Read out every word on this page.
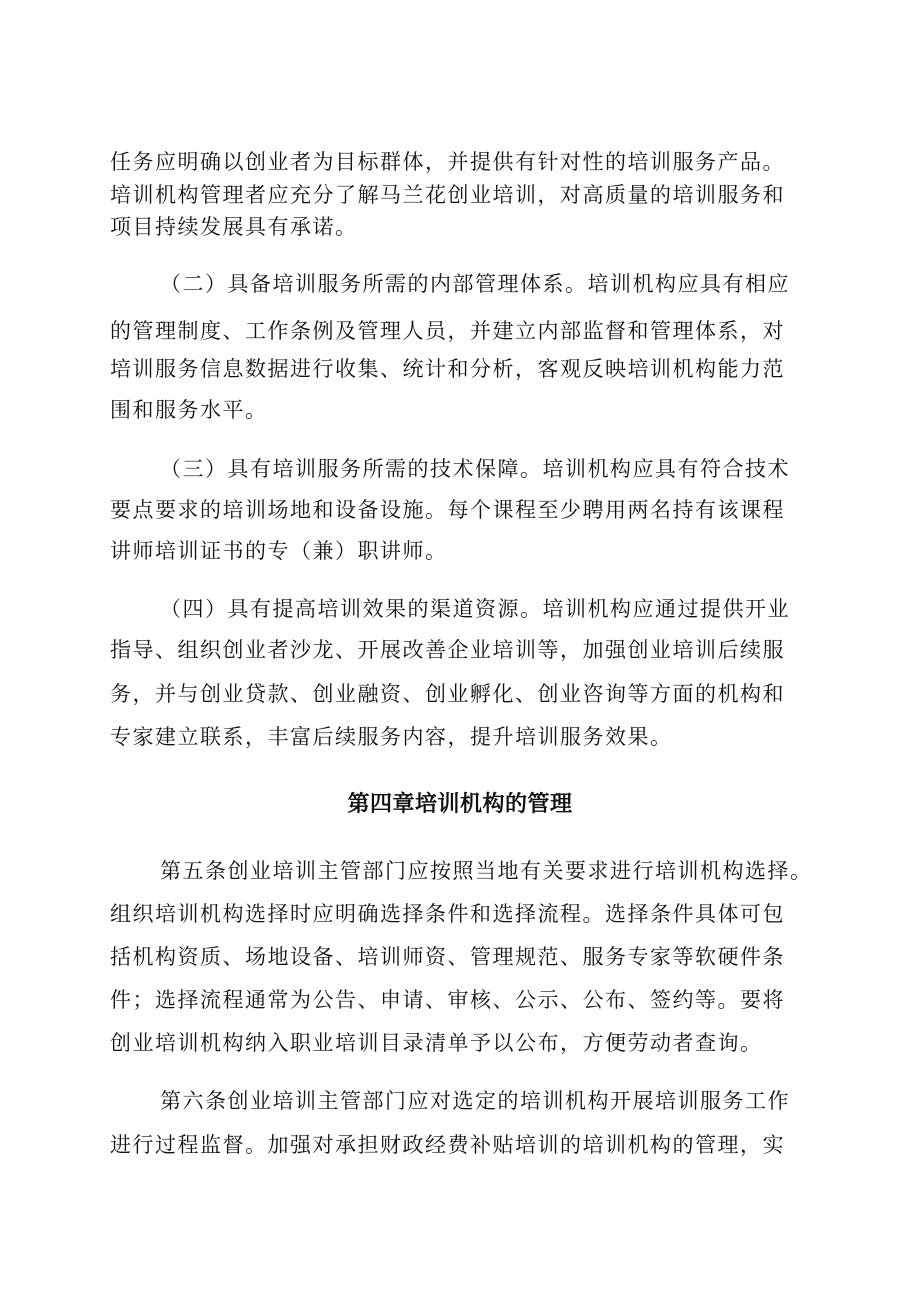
任务应明确以创业者为目标群体，并提供有针对性的培训服务产品。
培训机构管理者应充分了解马兰花创业培训，对高质量的培训服务和
项目持续发展具有承诺。
（二）具备培训服务所需的内部管理体系。培训机构应具有相应
的管理制度、工作条例及管理人员，并建立内部监督和管理体系，对
培训服务信息数据进行收集、统计和分析，客观反映培训机构能力范
围和服务水平。
（三）具有培训服务所需的技术保障。培训机构应具有符合技术
要点要求的培训场地和设备设施。每个课程至少聘用两名持有该课程
讲师培训证书的专（兼）职讲师。
（四）具有提高培训效果的渠道资源。培训机构应通过提供开业
指导、组织创业者沙龙、开展改善企业培训等，加强创业培训后续服
务，并与创业贷款、创业融资、创业孵化、创业咨询等方面的机构和
专家建立联系，丰富后续服务内容，提升培训服务效果。
第四章培训机构的管理
第五条创业培训主管部门应按照当地有关要求进行培训机构选择。
组织培训机构选择时应明确选择条件和选择流程。选择条件具体可包
括机构资质、场地设备、培训师资、管理规范、服务专家等软硬件条
件；选择流程通常为公告、申请、审核、公示、公布、签约等。要将
创业培训机构纳入职业培训目录清单予以公布，方便劳动者查询。
第六条创业培训主管部门应对选定的培训机构开展培训服务工作
进行过程监督。加强对承担财政经费补贴培训的培训机构的管理，实
